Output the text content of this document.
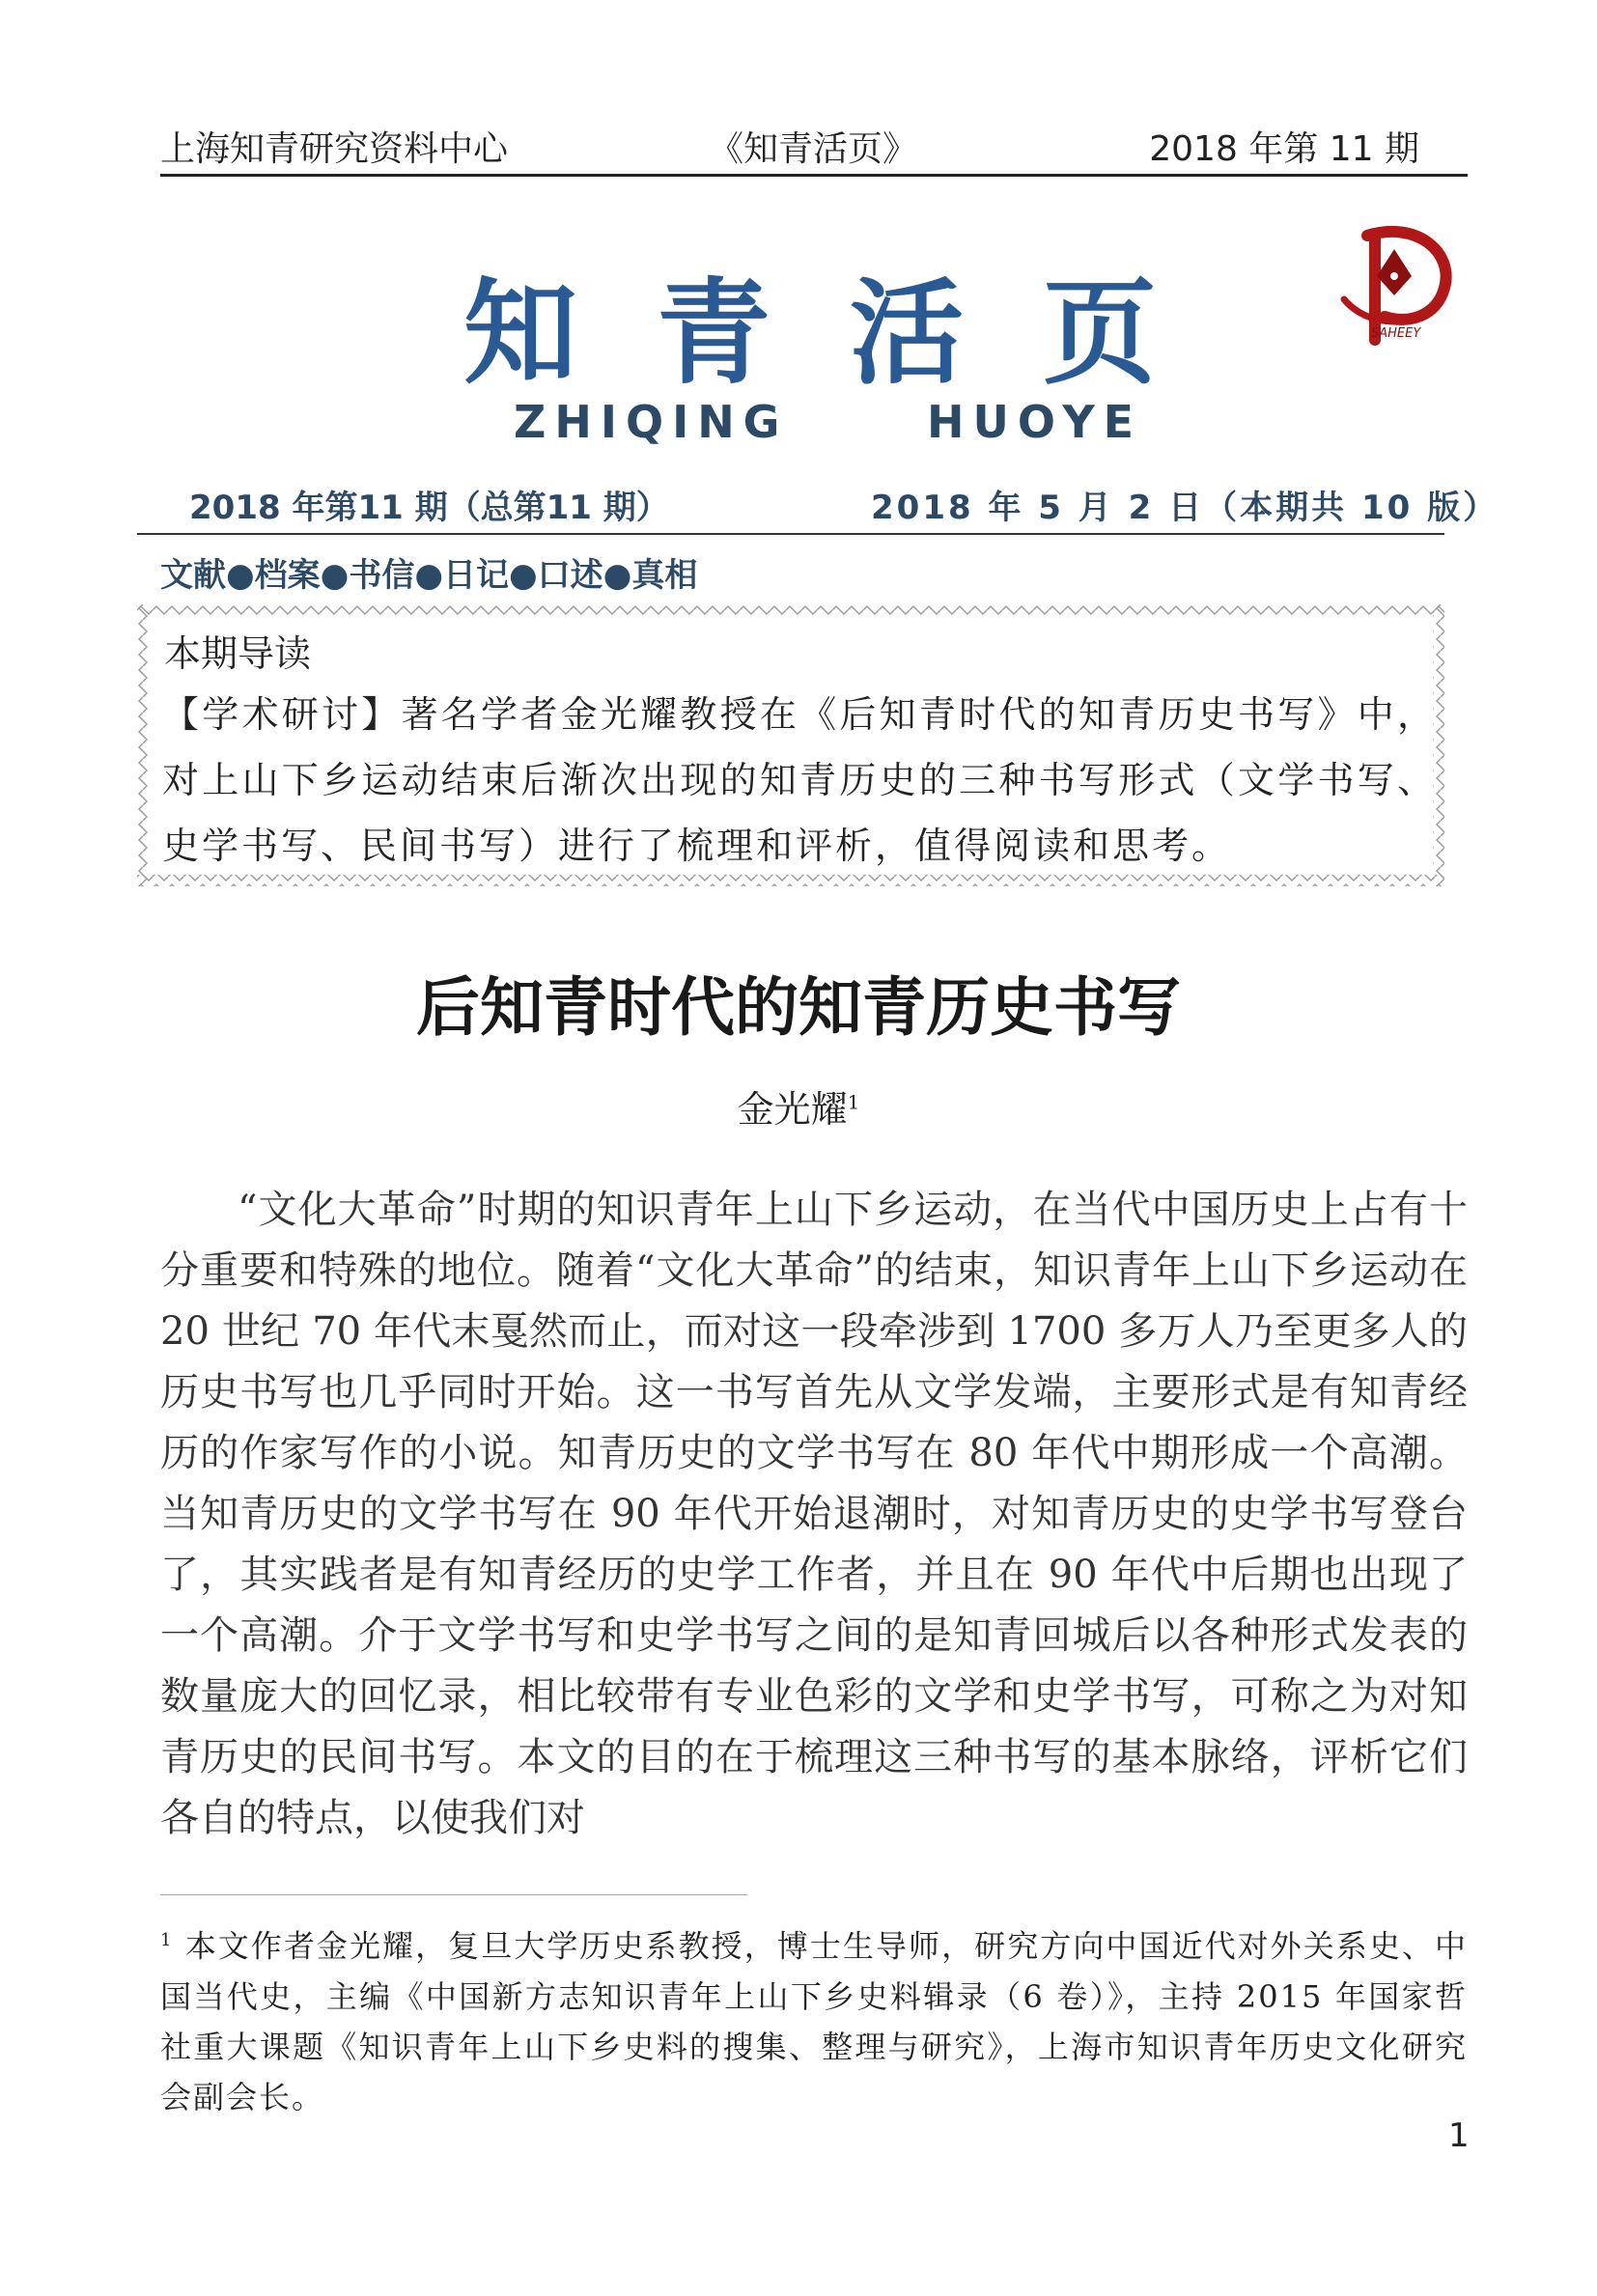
上海知青研究资料中心	《知青活页》	2018 年第 11 期
知青活页
ZHIQING	HUOYE
SAHEEY
2018 年第11 期（总第11 期）	2018 年 5 月 2 日（本期共 10 版）
文献●档案●书信●日记●口述●真相
本期导读
【学术研讨】著名学者金光耀教授在《后知青时代的知青历史书写》中，对上山下乡运动结束后渐次出现的知青历史的三种书写形式（文学书写、史学书写、民间书写）进行了梳理和评析，值得阅读和思考。
后知青时代的知青历史书写
金光耀$^1$

“文化大革命”时期的知识青年上山下乡运动，在当代中国历史上占有十分重要和特殊的地位。随着“文化大革命”的结束，知识青年上山下乡运动在 20 世纪 70 年代末戛然而止，而对这一段牵涉到 1700 多万人乃至更多人的历史书写也几乎同时开始。这一书写首先从文学发端，主要形式是有知青经历的作家写作的小说。知青历史的文学书写在 80 年代中期形成一个高潮。当知青历史的文学书写在 90 年代开始退潮时，对知青历史的史学书写登台了，其实践者是有知青经历的史学工作者，并且在 90 年代中后期也出现了一个高潮。介于文学书写和史学书写之间的是知青回城后以各种形式发表的数量庞大的回忆录，相比较带有专业色彩的文学和史学书写，可称之为对知青历史的民间书写。本文的目的在于梳理这三种书写的基本脉络，评析它们各自的特点，以使我们对

$^1$ 本文作者金光耀，复旦大学历史系教授，博士生导师，研究方向中国近代对外关系史、中国当代史，主编《中国新方志知识青年上山下乡史料辑录（6 卷）》，主持 2015 年国家哲社重大课题《知识青年上山下乡史料的搜集、整理与研究》，上海市知识青年历史文化研究会副会长。
1
